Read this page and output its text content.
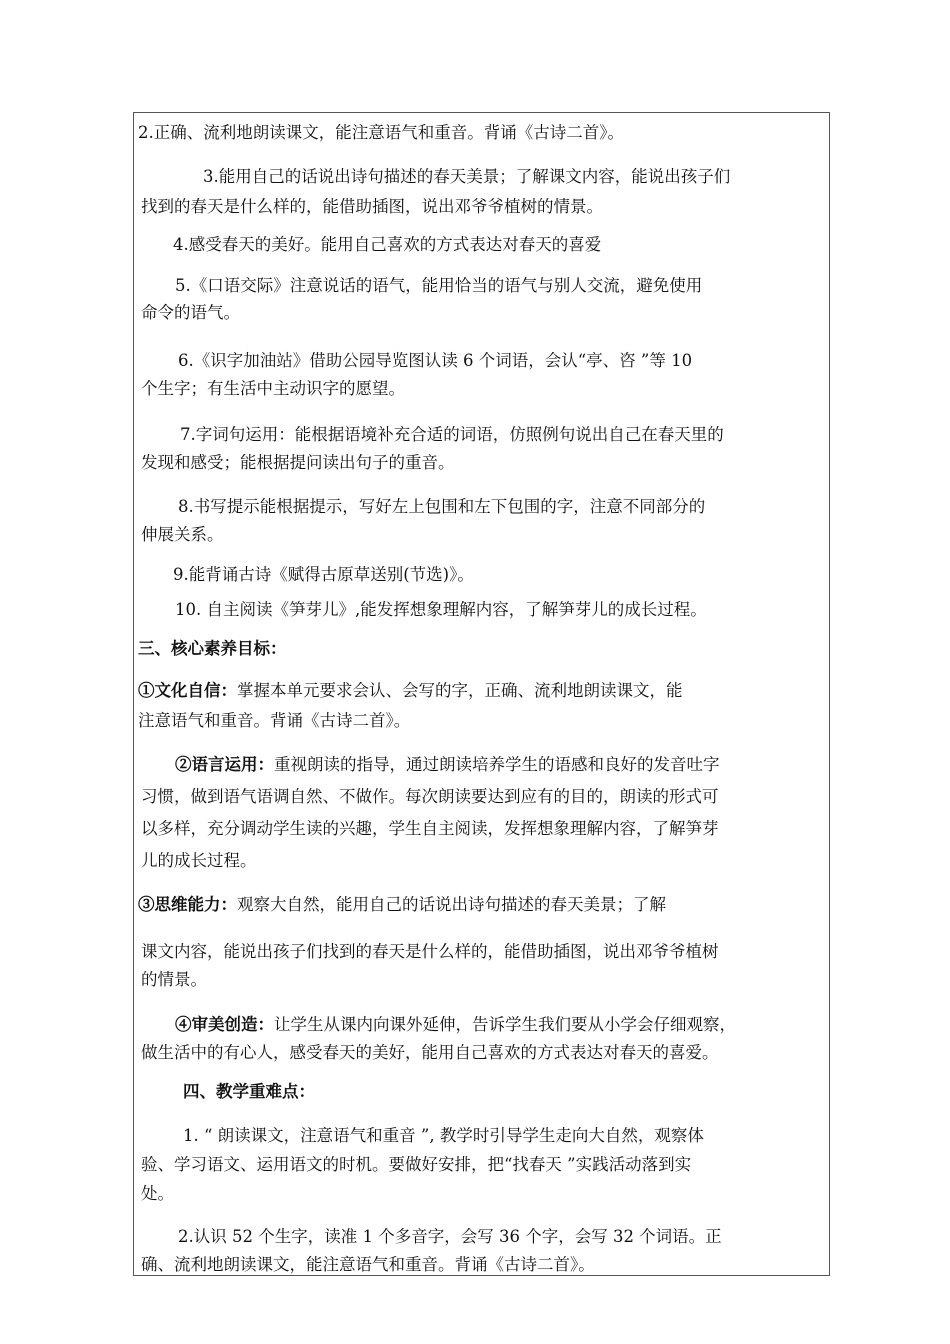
2.正确、流利地朗读课文，能注意语气和重音。背诵《古诗二首》。

3.能用自己的话说出诗句描述的春天美景；了解课文内容，能说出孩子们

找到的春天是什么样的，能借助插图，说出邓爷爷植树的情景。

4.感受春天的美好。能用自己喜欢的方式表达对春天的喜爱

5.《口语交际》注意说话的语气，能用恰当的语气与别人交流，避免使用

命令的语气。

6.《识字加油站》借助公园导览图认读 6 个词语，会认“亭、咨 ”等 10

个生字；有生活中主动识字的愿望。

7.字词句运用：能根据语境补充合适的词语，仿照例句说出自己在春天里的

发现和感受；能根据提问读出句子的重音。

8.书写提示能根据提示，写好左上包围和左下包围的字，注意不同部分的

伸展关系。

9.能背诵古诗《赋得古原草送别(节选)》。

10. 自主阅读《笋芽儿》,能发挥想象理解内容，了解笋芽儿的成长过程。

三、核心素养目标：

①文化自信：掌握本单元要求会认、会写的字，正确、流利地朗读课文，能

注意语气和重音。背诵《古诗二首》。

②语言运用：重视朗读的指导，通过朗读培养学生的语感和良好的发音吐字

习惯，做到语气语调自然、不做作。每次朗读要达到应有的目的，朗读的形式可

以多样，充分调动学生读的兴趣，学生自主阅读，发挥想象理解内容，了解笋芽

儿的成长过程。

③思维能力：观察大自然，能用自己的话说出诗句描述的春天美景；了解

课文内容，能说出孩子们找到的春天是什么样的，能借助插图，说出邓爷爷植树

的情景。

④审美创造：让学生从课内向课外延伸，告诉学生我们要从小学会仔细观察，

做生活中的有心人，感受春天的美好，能用自己喜欢的方式表达对春天的喜爱。

四、教学重难点：

1. “ 朗读课文，注意语气和重音 ”, 教学时引导学生走向大自然，观察体

验、学习语文、运用语文的时机。要做好安排，把“找春天 ”实践活动落到实

处。

2.认识 52 个生字，读准 1 个多音字，会写 36 个字，会写 32 个词语。正

确、流利地朗读课文，能注意语气和重音。背诵《古诗二首》。
